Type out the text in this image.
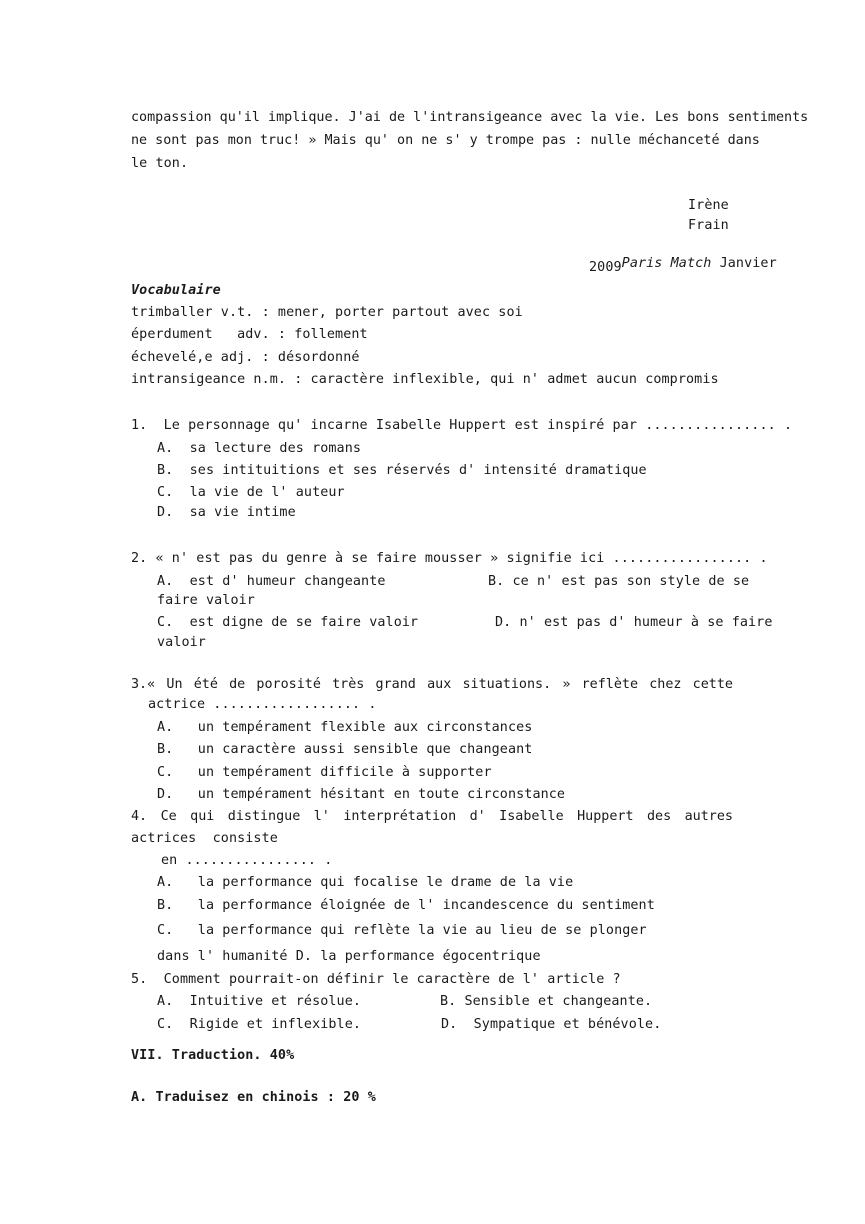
compassion qu'il implique. J'ai de l'intransigeance avec la vie. Les bons sentiments
ne sont pas mon truc! » Mais qu' on ne s' y trompe pas : nulle méchanceté dans
le ton.
Irène
Frain

Paris Match Janvier

2009
Vocabulaire
trimballer v.t. : mener, porter partout avec soi
éperdument   adv. : follement
échevelé,e adj. : désordonné
intransigeance n.m. : caractère inflexible, qui n' admet aucun compromis
1.  Le personnage qu' incarne Isabelle Huppert est inspiré par ................ .
A.  sa lecture des romans
B.  ses intituitions et ses réservés d' intensité dramatique
C.  la vie de l' auteur
D.  sa vie intime
2. « n' est pas du genre à se faire mousser » signifie ici ................. .
A.  est d' humeur changeante	B. ce n' est pas son style de se
faire valoir
C.  est digne de se faire valoir	D. n' est pas d' humeur à se faire
valoir
3.« Un été de porosité très grand aux situations. » reflète chez cette
actrice .................. .
A.   un tempérament flexible aux circonstances
B.   un caractère aussi sensible que changeant
C.   un tempérament difficile à supporter
D.   un tempérament hésitant en toute circonstance
4. Ce qui distingue l' interprétation d' Isabelle Huppert des autres
actrices  consiste
en ................ .
A.   la performance qui focalise le drame de la vie
B.   la performance éloignée de l' incandescence du sentiment
C.   la performance qui reflète la vie au lieu de se plonger
dans l' humanité D. la performance égocentrique
5.  Comment pourrait-on définir le caractère de l' article ?
A.  Intuitive et résolue.	B. Sensible et changeante.
C.  Rigide et inflexible.	D.  Sympatique et bénévole.
VII. Traduction. 40%
A. Traduisez en chinois : 20 %
